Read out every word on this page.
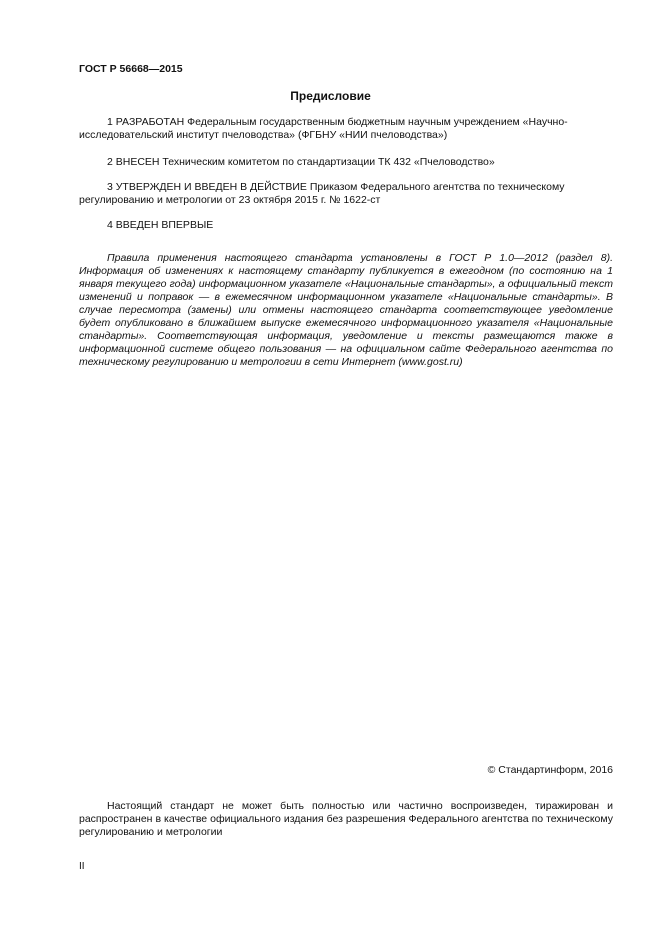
ГОСТ Р 56668—2015
Предисловие
1 РАЗРАБОТАН Федеральным государственным бюджетным научным учреждением «Научно-исследовательский институт пчеловодства» (ФГБНУ «НИИ пчеловодства»)
2 ВНЕСЕН Техническим комитетом по стандартизации ТК 432 «Пчеловодство»
3 УТВЕРЖДЕН И ВВЕДЕН В ДЕЙСТВИЕ Приказом Федерального агентства по техническому регулированию и метрологии от 23 октября 2015 г. № 1622-ст
4 ВВЕДЕН ВПЕРВЫЕ
Правила применения настоящего стандарта установлены в ГОСТ Р 1.0—2012 (раздел 8). Информация об изменениях к настоящему стандарту публикуется в ежегодном (по состоянию на 1 января текущего года) информационном указателе «Национальные стандарты», а официальный текст изменений и поправок — в ежемесячном информационном указателе «Национальные стандарты». В случае пересмотра (замены) или отмены настоящего стандарта соответствующее уведомление будет опубликовано в ближайшем выпуске ежемесячного информационного указателя «Национальные стандарты». Соответствующая информация, уведомление и тексты размещаются также в информационной системе общего пользования — на официальном сайте Федерального агентства по техническому регулированию и метрологии в сети Интернет (www.gost.ru)
© Стандартинформ, 2016
Настоящий стандарт не может быть полностью или частично воспроизведен, тиражирован и распространен в качестве официального издания без разрешения Федерального агентства по техническому регулированию и метрологии
II
